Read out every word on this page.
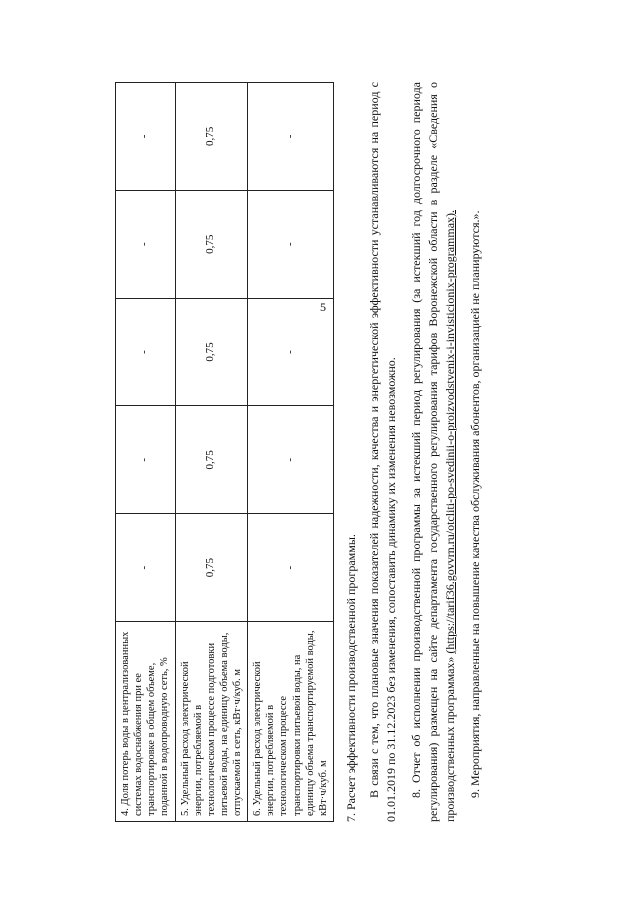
5
4. Доля потерь воды в централизованных системах водоснабжения при ее транспортировке в общем объеме, поданной в водопроводную сеть, %	-	-	-	-	-
5. Удельный расход электрической энергии, потребляемой в технологическом процессе подготовки питьевой воды, на единицу объема воды, отпускаемой в сеть, кВт·ч/куб. м	0,75	0,75	0,75	0,75	0,75
6. Удельный расход электрической энергии, потребляемой в технологическом процессе транспортировки питьевой воды, на единицу объема транспортируемой воды, кВт·ч/куб. м	-	-	-	-	-

7. Расчет эффективности производственной программы. В связи с тем, что плановые значения показателей надежности, качества и энергетической эффективности устанавливаются на период с 01.01.2019 по 31.12.2023 без изменения, сопоставить динамику их изменения невозможно. 8. Отчет об исполнении производственной программы за истекший период регулирования (за истекший год долгосрочного периода регулирования) размещен на сайте департамента государственного регулирования тарифов Воронежской области в разделе «Сведения о производственных программах» (https://tarif36.govvrn.ru/otcliti-po-svedinii-o-proizvodstvenix-i-invisticionix-programmax). 9. Мероприятия, направленные на повышение качества обслуживания абонентов, организацией не планируются.».
